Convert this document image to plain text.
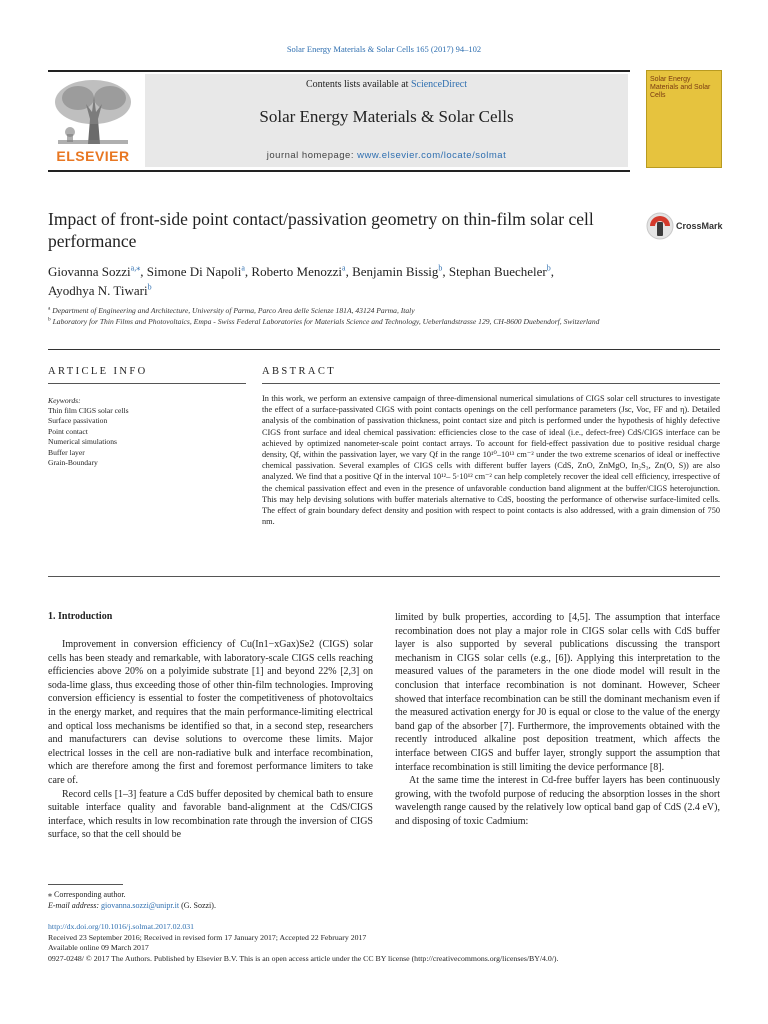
Solar Energy Materials & Solar Cells 165 (2017) 94–102
ELSEVIER
Contents lists available at ScienceDirect
Solar Energy Materials & Solar Cells
journal homepage: www.elsevier.com/locate/solmat
Solar Energy Materials and Solar Cells
Impact of front-side point contact/passivation geometry on thin-film solar cell performance
CrossMark
Giovanna Sozzi$^{a,⁎}$, Simone Di Napoli$^a$, Roberto Menozzi$^a$, Benjamin Bissig$^b$, Stephan Buecheler$^b$,
Ayodhya N. Tiwari$^b$
$^a$ Department of Engineering and Architecture, University of Parma, Parco Area delle Scienze 181A, 43124 Parma, Italy
$^b$ Laboratory for Thin Films and Photovoltaics, Empa - Swiss Federal Laboratories for Materials Science and Technology, Ueberlandstrasse 129, CH-8600 Duebendorf, Switzerland
ARTICLE INFO	ABSTRACT
Keywords:
Thin film CIGS solar cells
Surface passivation
Point contact
Numerical simulations
Buffer layer
Grain-Boundary
In this work, we perform an extensive campaign of three-dimensional numerical simulations of CIGS solar cell structures to investigate the effect of a surface-passivated CIGS with point contacts openings on the cell performance parameters (Jsc, Voc, FF and η). Detailed analysis of the combination of passivation thickness, point contact size and pitch is performed under the hypothesis of highly defective CIGS front surface and ideal chemical passivation: efficiencies close to the case of ideal (i.e., defect-free) CdS/CIGS interface can be achieved by optimized nanometer-scale point contact arrays. To account for field-effect passivation due to positive residual charge density, Qf, within the passivation layer, we vary Qf in the range 10¹⁰–10¹³ cm⁻² under the two extreme scenarios of ideal or ineffective chemical passivation. Several examples of CIGS cells with different buffer layers (CdS, ZnO, ZnMgO, In₂S₃, Zn(O, S)) are also analyzed. We find that a positive Qf in the interval 10¹²– 5·10¹² cm⁻² can help completely recover the ideal cell efficiency, irrespective of the chemical passivation effect and even in the presence of unfavorable conduction band alignment at the buffer/CIGS heterojunction. This may help devising solutions with buffer materials alternative to CdS, boosting the performance of otherwise surface-limited cells. The effect of grain boundary defect density and position with respect to point contacts is also addressed, with a grain dimension of 750 nm.
1. Introduction

Improvement in conversion efficiency of Cu(In1−xGax)Se2 (CIGS) solar cells has been steady and remarkable, with laboratory-scale CIGS cells reaching efficiencies above 20% on a polyimide substrate [1] and beyond 22% [2,3] on soda-lime glass, thus exceeding those of other thin-film technologies. Improving conversion efficiency is essential to foster the competitiveness of photovoltaics in the energy market, and requires that the main performance-limiting electrical and optical loss mechanisms be identified so that, in a second step, researchers and manufacturers can devise solutions to overcome these limits. Major electrical losses in the cell are non-radiative bulk and interface recombination, which are therefore among the first and foremost performance limiters to take care of.

Record cells [1–3] feature a CdS buffer deposited by chemical bath to ensure suitable interface quality and favorable band-alignment at the CdS/CIGS interface, which results in low recombination rate through the inversion of CIGS surface, so that the cell should be

limited by bulk properties, according to [4,5]. The assumption that interface recombination does not play a major role in CIGS solar cells with CdS buffer layer is also supported by several publications discussing the transport mechanism in CIGS solar cells (e.g., [6]). Applying this interpretation to the measured values of the parameters in the one diode model will result in the conclusion that interface recombination is not dominant. However, Scheer showed that interface recombination can be still the dominant mechanism even if the measured activation energy for J0 is equal or close to the value of the energy band gap of the absorber [7]. Furthermore, the improvements obtained with the recently introduced alkaline post deposition treatment, which affects the interface between CIGS and buffer layer, strongly support the assumption that interface recombination is still limiting the device performance [8].

At the same time the interest in Cd-free buffer layers has been continuously growing, with the twofold purpose of reducing the absorption losses in the short wavelength range caused by the relatively low optical band gap of CdS (2.4 eV), and disposing of toxic Cadmium:

⁎ Corresponding author.
E-mail address: giovanna.sozzi@unipr.it (G. Sozzi).
http://dx.doi.org/10.1016/j.solmat.2017.02.031
Received 23 September 2016; Received in revised form 17 January 2017; Accepted 22 February 2017
Available online 09 March 2017
0927-0248/ © 2017 The Authors. Published by Elsevier B.V. This is an open access article under the CC BY license (http://creativecommons.org/licenses/BY/4.0/).
